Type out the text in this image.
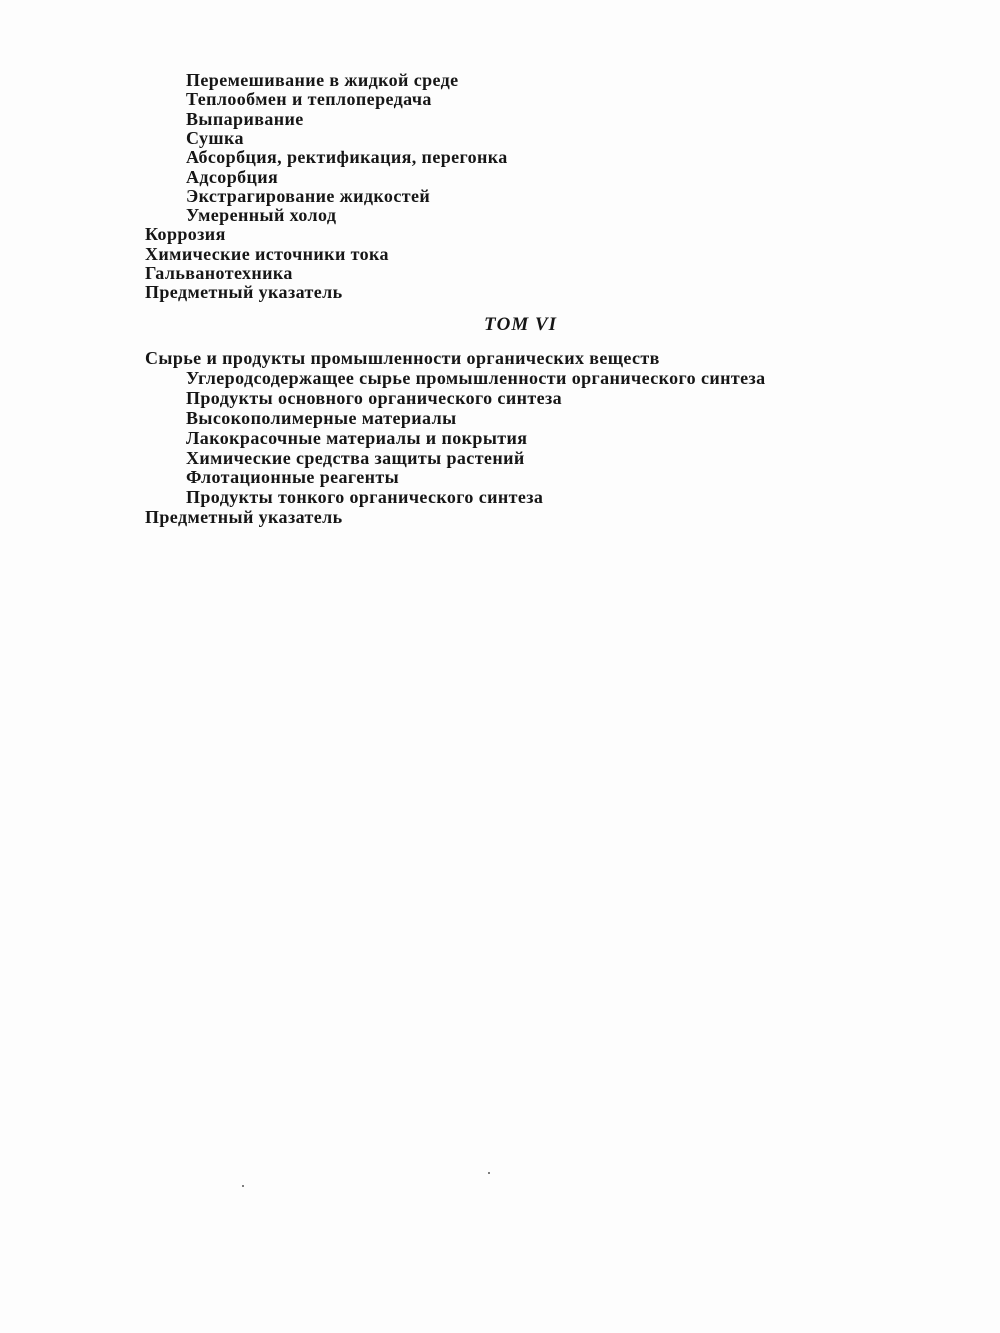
Перемешивание в жидкой среде
Теплообмен и теплопередача
Выпаривание
Сушка
Абсорбция, ректификация, перегонка
Адсорбция
Экстрагирование жидкостей
Умеренный холод
Коррозия
Химические источники тока
Гальванотехника
Предметный указатель
ТОМ VI
Сырье и продукты промышленности органических веществ
Углеродсодержащее сырье промышленности органического синтеза
Продукты основного органического синтеза
Высокополимерные материалы
Лакокрасочные материалы и покрытия
Химические средства защиты растений
Флотационные реагенты
Продукты тонкого органического синтеза
Предметный указатель
